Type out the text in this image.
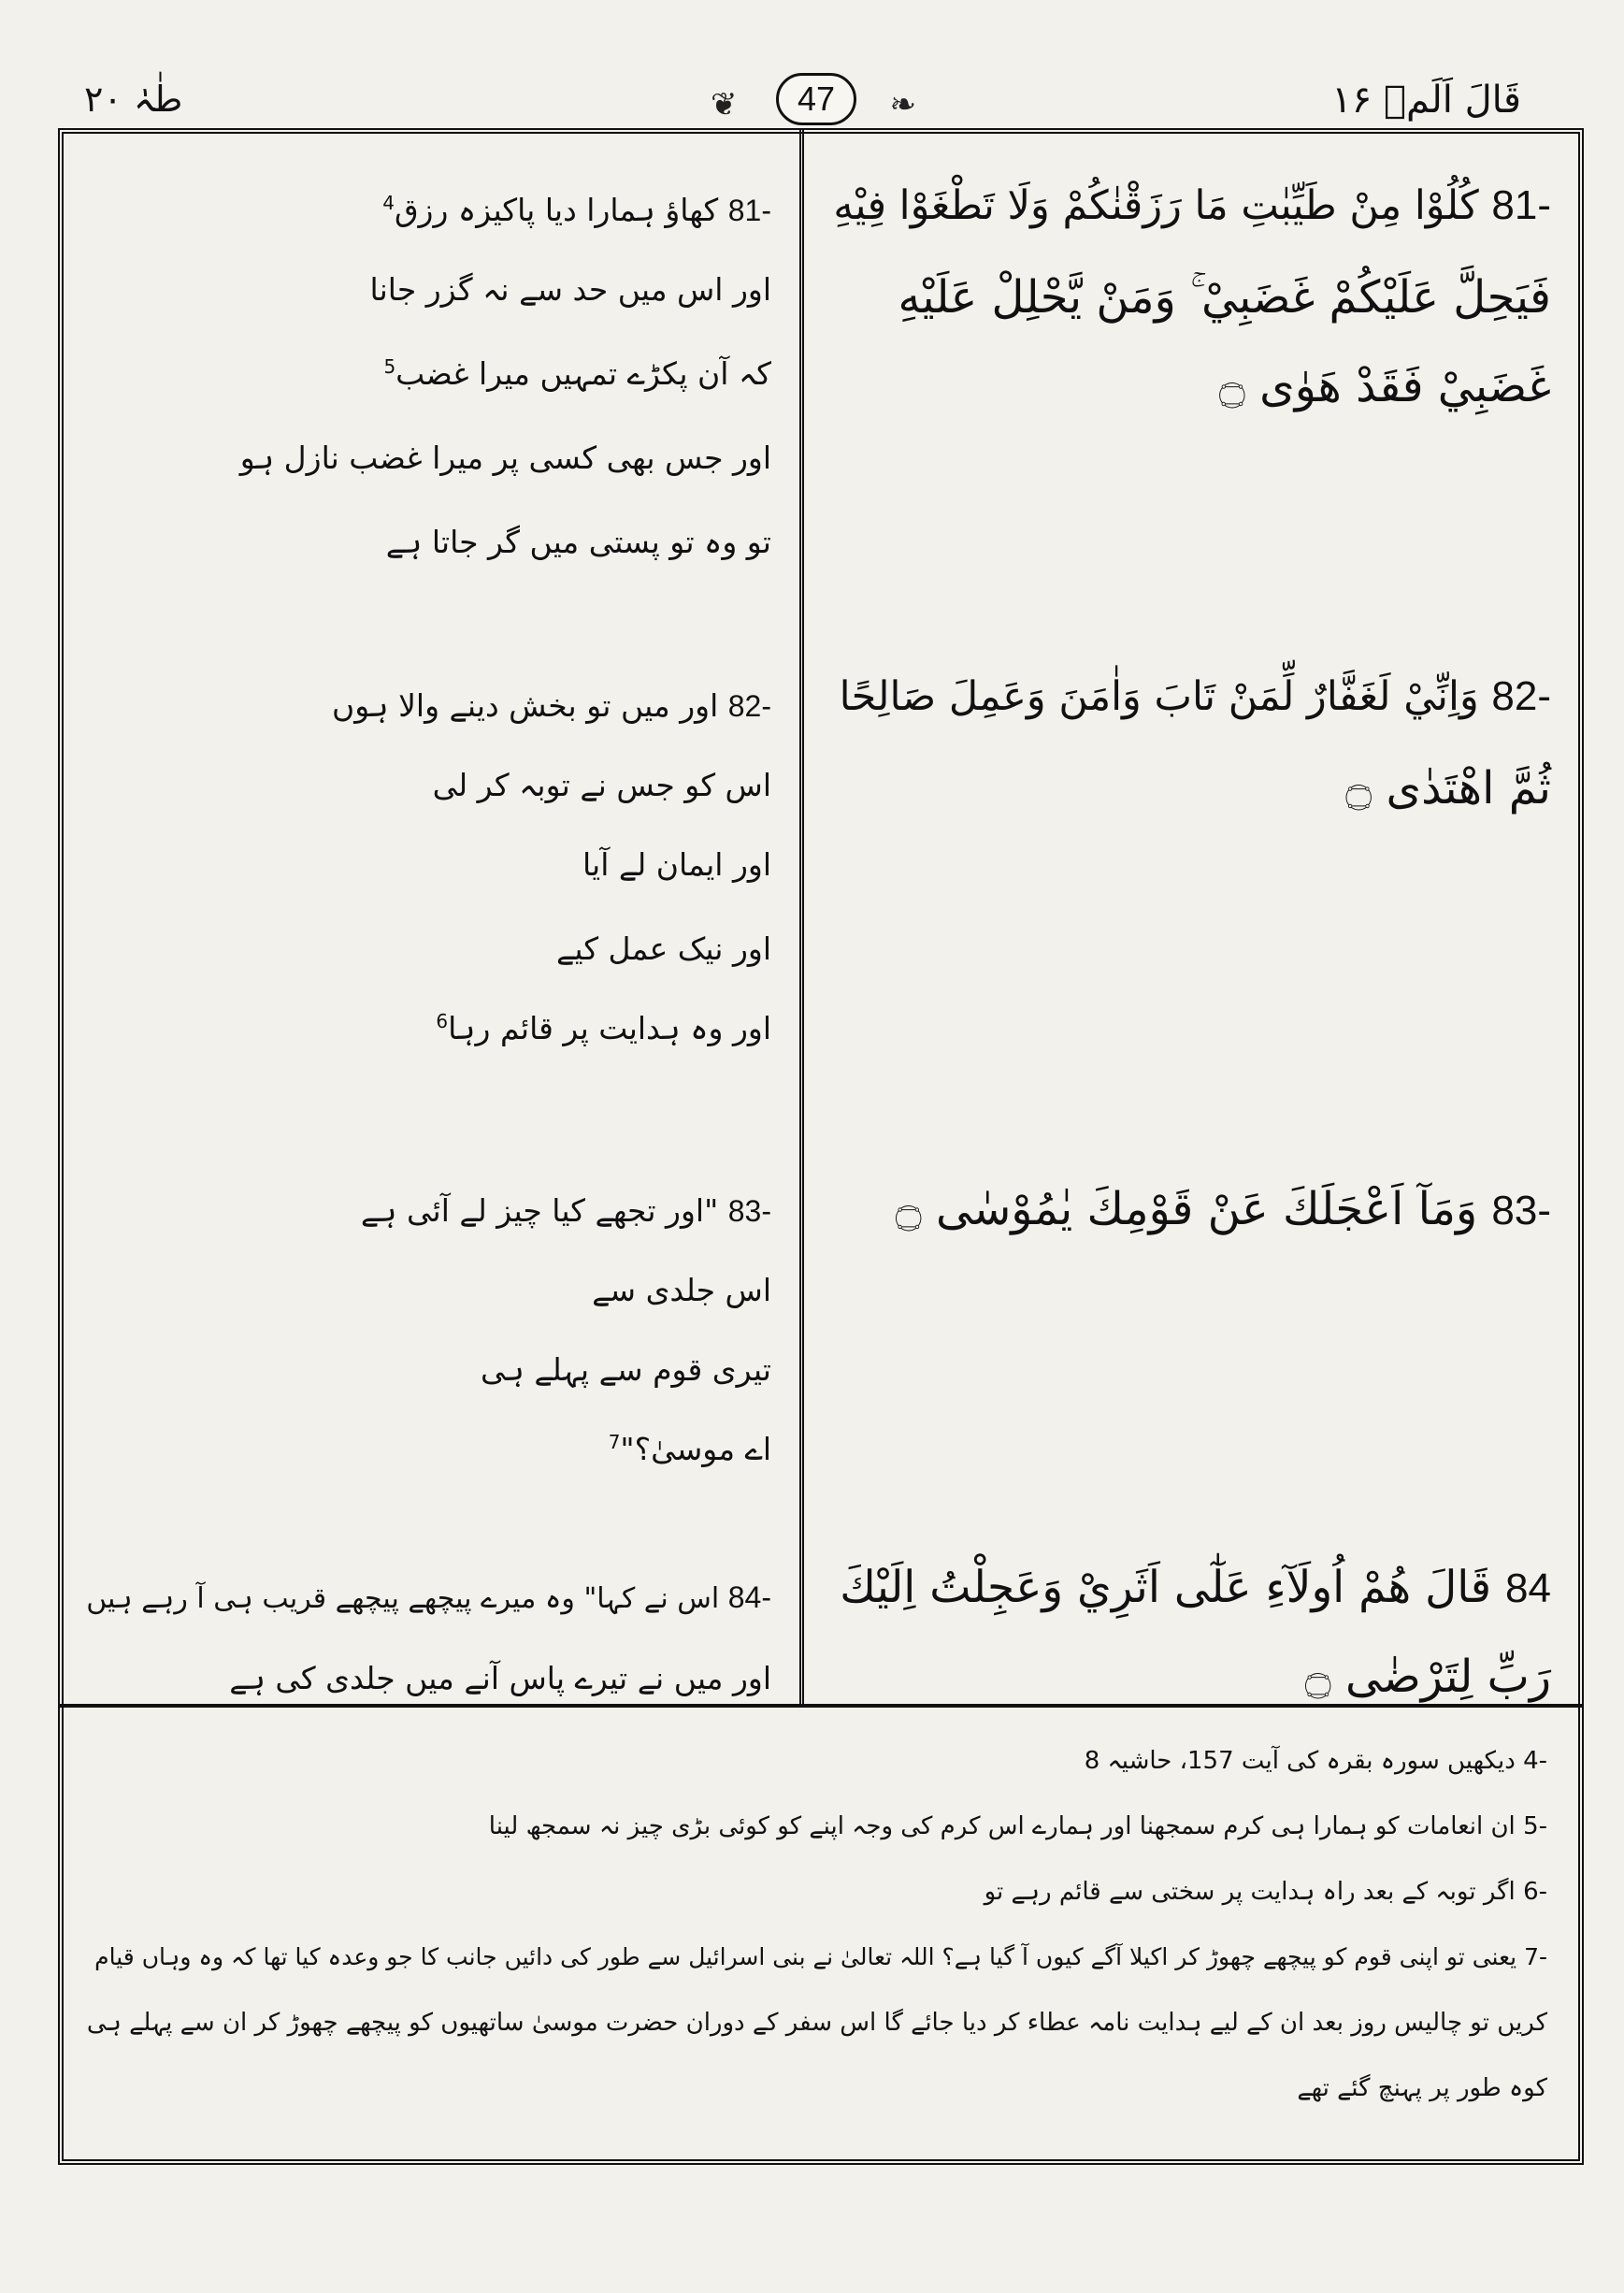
طٰہٰ ۲۰	❦	47	❧	قَالَ اَلَمۡ ۱۶
-81 كُلُوْا مِنْ طَيِّبٰتِ مَا رَزَقْنٰكُمْ وَلَا تَطْغَوْا فِيْهِ
فَيَحِلَّ عَلَيْكُمْ غَضَبِيْ ۚ وَمَنْ يَّحْلِلْ عَلَيْهِ
غَضَبِيْ فَقَدْ هَوٰى ۝
-82 وَاِنِّيْ لَغَفَّارٌ لِّمَنْ تَابَ وَاٰمَنَ وَعَمِلَ صَالِحًا
ثُمَّ اهْتَدٰى ۝
-83 وَمَآ اَعْجَلَكَ عَنْ قَوْمِكَ يٰمُوْسٰى ۝
84 قَالَ هُمْ اُولَآءِ عَلٰٓى اَثَرِيْ وَعَجِلْتُ اِلَيْكَ
رَبِّ لِتَرْضٰى ۝
-81 کھاؤ ہمارا دیا پاکیزہ رزق$^4$
اور اس میں حد سے نہ گزر جانا
کہ آن پکڑے تمہیں میرا غضب$^5$
اور جس بھی کسی پر میرا غضب نازل ہو
تو وہ تو پستی میں گر جاتا ہے
-82 اور میں تو بخش دینے والا ہوں
اس کو جس نے توبہ کر لی
اور ایمان لے آیا
اور نیک عمل کیے
اور وہ ہدایت پر قائم رہا$^6$
-83 "اور تجھے کیا چیز لے آئی ہے
اس جلدی سے
تیری قوم سے پہلے ہی
اے موسیٰ؟"$^7$
-84 اس نے کہا" وہ میرے پیچھے پیچھے قریب ہی آ رہے ہیں
اور میں نے تیرے پاس آنے میں جلدی کی ہے
-4 دیکھیں سورہ بقرہ کی آیت 157، حاشیہ 8
-5 ان انعامات کو ہمارا ہی کرم سمجھنا اور ہمارے اس کرم کی وجہ اپنے کو کوئی بڑی چیز نہ سمجھ لینا
-6 اگر توبہ کے بعد راہ ہدایت پر سختی سے قائم رہے تو
-7 یعنی تو اپنی قوم کو پیچھے چھوڑ کر اکیلا آگے کیوں آ گیا ہے؟ اللہ تعالیٰ نے بنی اسرائیل سے طور کی دائیں جانب کا جو وعدہ کیا تھا کہ وہ وہاں قیام
کریں تو چالیس روز بعد ان کے لیے ہدایت نامہ عطاء کر دیا جائے گا اس سفر کے دوران حضرت موسیٰ ساتھیوں کو پیچھے چھوڑ کر ان سے پہلے ہی
کوہ طور پر پہنچ گئے تھے
